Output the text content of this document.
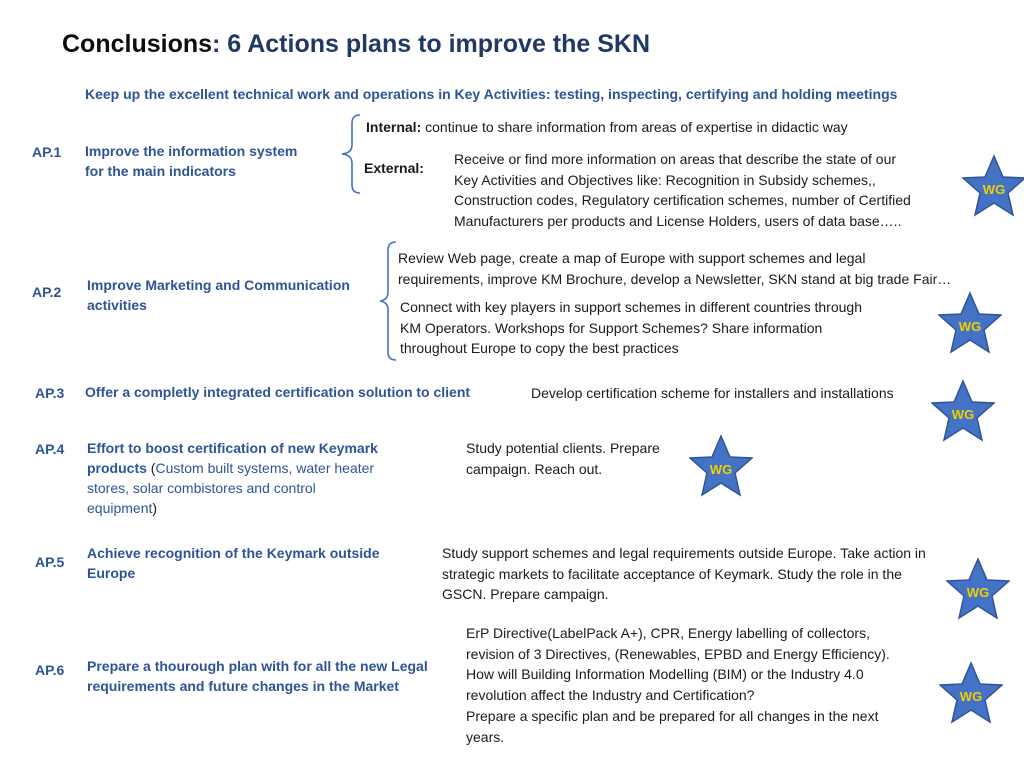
Conclusions: 6 Actions plans to improve the SKN
Keep up the excellent technical work and operations in Key Activities: testing, inspecting, certifying and holding meetings
AP.1 Improve the information system
for the main indicators
Internal: continue to share information from areas of expertise in didactic way
External:
Receive or find more information on areas that describe the state of our
Key Activities and Objectives like: Recognition in Subsidy schemes,,
Construction codes, Regulatory certification schemes, number of Certified
Manufacturers per products and License Holders, users of data base…..
AP.2 Improve Marketing and Communication
activities
Review Web page, create a map of Europe with support schemes and legal
requirements, improve KM Brochure, develop a Newsletter, SKN stand at big trade Fair…
Connect with key players in support schemes in different countries through
KM Operators. Workshops for Support Schemes? Share information
throughout Europe to copy the best practices
AP.3 Offer a completly integrated certification solution to client	Develop certification scheme for installers and installations
AP.4 Effort to boost certification of new Keymark
products (Custom built systems, water heater
stores, solar combistores and control
equipment)
Study potential clients. Prepare
campaign. Reach out.
AP.5
Achieve recognition of the Keymark outside
Europe
Study support schemes and legal requirements outside Europe. Take action in
strategic markets to facilitate acceptance of Keymark. Study the role in the
GSCN. Prepare campaign.
AP.6 Prepare a thourough plan with for all the new Legal
requirements and future changes in the Market
ErP Directive(LabelPack A+), CPR, Energy labelling of collectors,
revision of 3 Directives, (Renewables, EPBD and Energy Efficiency).
How will Building Information Modelling (BIM) or the Industry 4.0
revolution affect the Industry and Certification?
Prepare a specific plan and be prepared for all changes in the next
years.
WG
WG
WG
WG
WG
WG
